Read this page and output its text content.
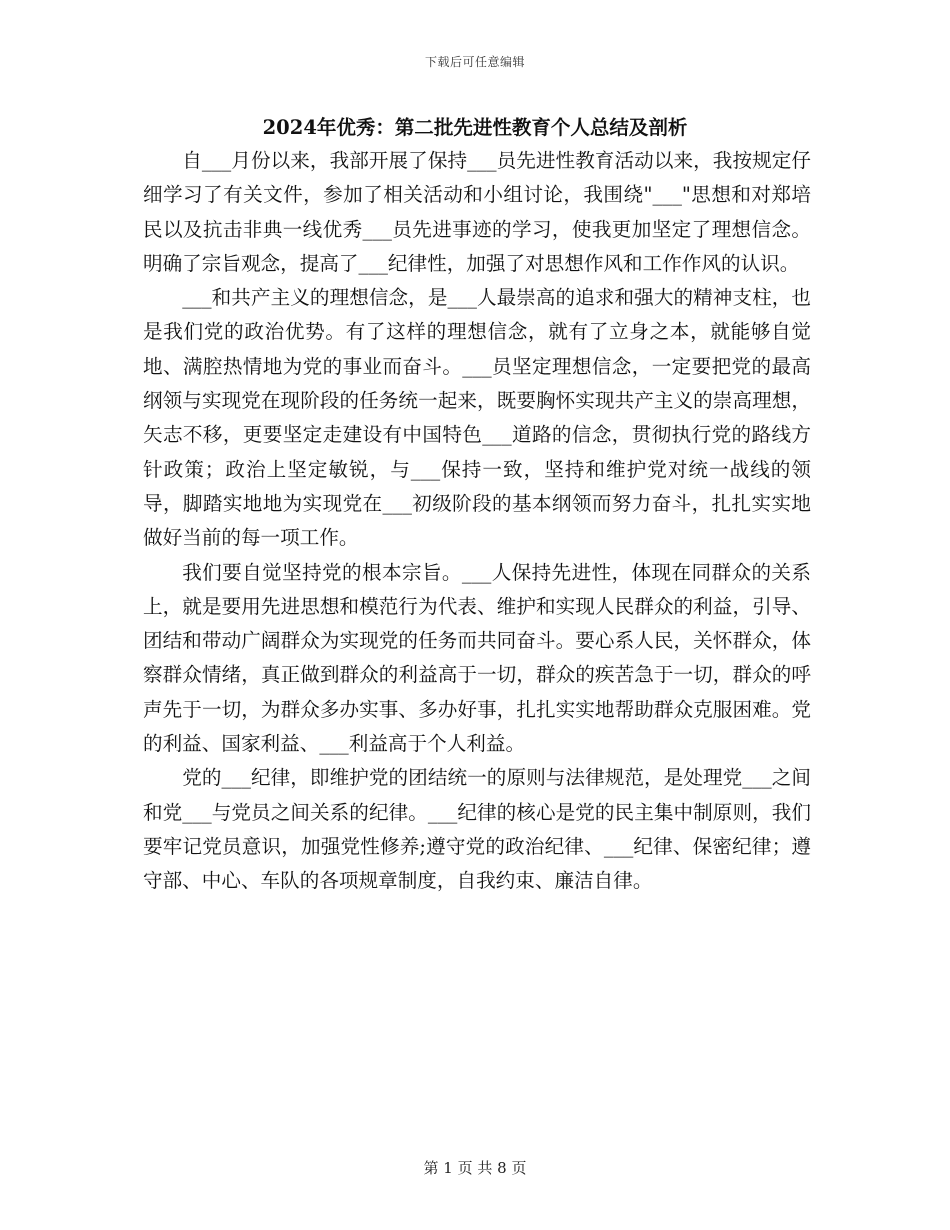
下载后可任意编辑
2024年优秀：第二批先进性教育个人总结及剖析

自___月份以来，我部开展了保持___员先进性教育活动以来，我按规定仔细学习了有关文件，参加了相关活动和小组讨论，我围绕"___"思想和对郑培民以及抗击非典一线优秀___员先进事迹的学习，使我更加坚定了理想信念。明确了宗旨观念，提高了___纪律性，加强了对思想作风和工作作风的认识。

___和共产主义的理想信念，是___人最崇高的追求和强大的精神支柱，也是我们党的政治优势。有了这样的理想信念，就有了立身之本，就能够自觉地、满腔热情地为党的事业而奋斗。___员坚定理想信念，一定要把党的最高纲领与实现党在现阶段的任务统一起来，既要胸怀实现共产主义的崇高理想，矢志不移，更要坚定走建设有中国特色___道路的信念，贯彻执行党的路线方针政策；政治上坚定敏锐，与___保持一致，坚持和维护党对统一战线的领导，脚踏实地地为实现党在___初级阶段的基本纲领而努力奋斗，扎扎实实地做好当前的每一项工作。

我们要自觉坚持党的根本宗旨。___人保持先进性，体现在同群众的关系上，就是要用先进思想和模范行为代表、维护和实现人民群众的利益，引导、团结和带动广阔群众为实现党的任务而共同奋斗。要心系人民，关怀群众，体察群众情绪，真正做到群众的利益高于一切，群众的疾苦急于一切，群众的呼声先于一切，为群众多办实事、多办好事，扎扎实实地帮助群众克服困难。党的利益、国家利益、___利益高于个人利益。

党的___纪律，即维护党的团结统一的原则与法律规范，是处理党___之间和党___与党员之间关系的纪律。___纪律的核心是党的民主集中制原则，我们要牢记党员意识，加强党性修养;遵守党的政治纪律、___纪律、保密纪律；遵守部、中心、车队的各项规章制度，自我约束、廉洁自律。

第 1 页 共 8 页
